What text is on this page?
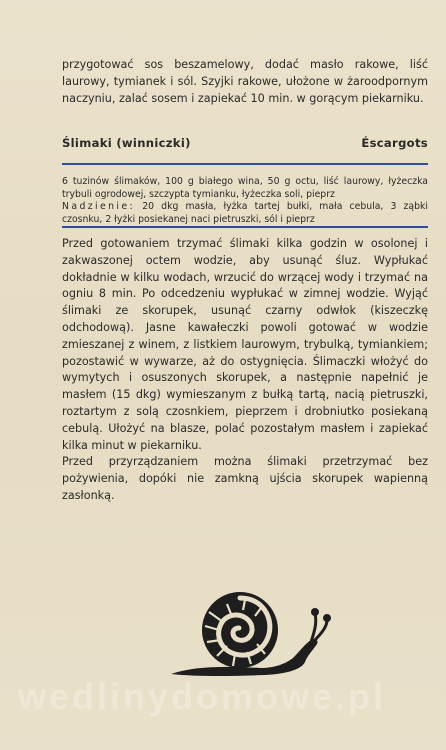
przygotować sos beszamelowy, dodać masło rakowe, liść laurowy, tymianek i sól. Szyjki rakowe, ułożone w żaroodpornym naczyniu, zalać sosem i zapiekać 10 min. w gorącym piekarniku.
Ślimaki (winniczki)	Éscargots
6 tuzinów ślimaków, 100 g białego wina, 50 g octu, liść laurowy, łyżeczka trybuli ogrodowej, szczypta tymianku, łyżeczka soli, pieprz
Nadzienie: 20 dkg masła, łyżka tartej bułki, mała cebula, 3 ząbki czosnku, 2 łyżki posiekanej naci pietruszki, sól i pieprz

Przed gotowaniem trzymać ślimaki kilka godzin w osolonej i zakwaszonej octem wodzie, aby usunąć śluz. Wypłukać dokładnie w kilku wodach, wrzucić do wrzącej wody i trzymać na ogniu 8 min. Po odcedzeniu wypłukać w zimnej wodzie. Wyjąć ślimaki ze skorupek, usunąć czarny odwłok (kiszeczkę odchodową). Jasne kawałeczki powoli gotować w wodzie zmieszanej z winem, z listkiem laurowym, trybulką, tymiankiem; pozostawić w wywarze, aż do ostygnięcia. Ślimaczki włożyć do wymytych i osuszonych skorupek, a następnie napełnić je masłem (15 dkg) wymieszanym z bułką tartą, nacią pietruszki, roztartym z solą czosnkiem, pieprzem i drobniutko posiekaną cebulą. Ułożyć na blasze, polać pozostałym masłem i zapiekać kilka minut w piekarniku.

Przed przyrządzaniem można ślimaki przetrzymać bez pożywienia, dopóki nie zamkną ujścia skorupek wapienną zasłonką.

wedlinydomowe.pl
